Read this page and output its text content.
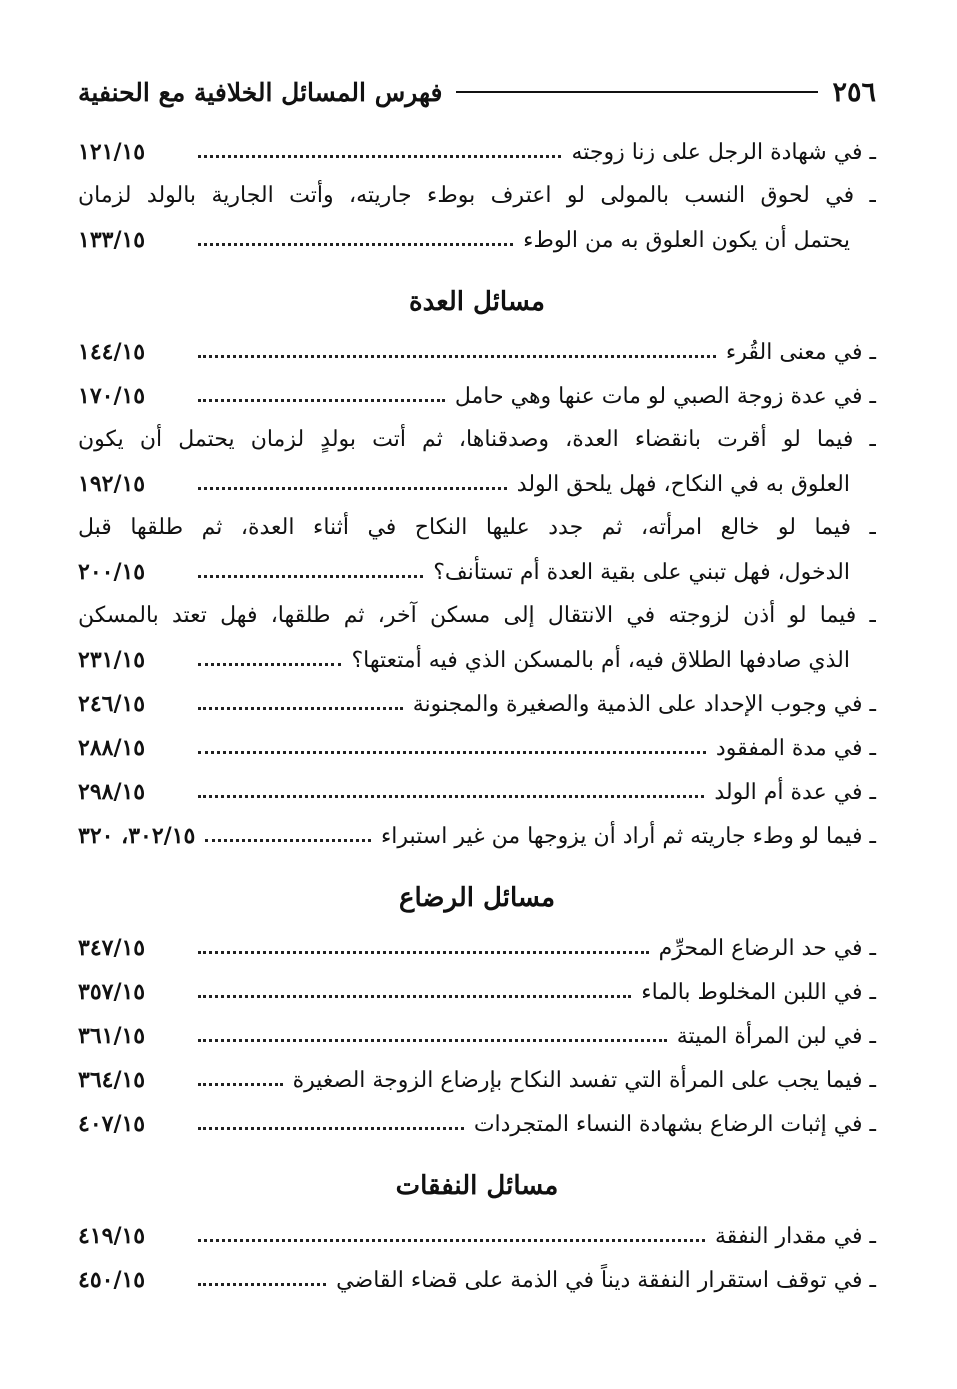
٢٥٦
فهرس المسائل الخلافية مع الحنفية
ـ في شهادة الرجل على زنا زوجته
١٢١/١٥
ـ في لحوق النسب بالمولى لو اعترف بوطء جاريته، وأتت الجارية بالولد لزمان
يحتمل أن يكون العلوق به من الوطء
١٣٣/١٥
مسائل العدة
ـ في معنى القُرء
١٤٤/١٥
ـ في عدة زوجة الصبي لو مات عنها وهي حامل
١٧٠/١٥
ـ فيما لو أقرت بانقضاء العدة، وصدقناها، ثم أتت بولدٍ لزمان يحتمل أن يكون
العلوق به في النكاح، فهل يلحق الولد
١٩٢/١٥
ـ فيما لو خالع امرأته، ثم جدد عليها النكاح في أثناء العدة، ثم طلقها قبل
الدخول، فهل تبني على بقية العدة أم تستأنف؟
٢٠٠/١٥
ـ فيما لو أذن لزوجته في الانتقال إلى مسكن آخر، ثم طلقها، فهل تعتد بالمسكن
الذي صادفها الطلاق فيه، أم بالمسكن الذي فيه أمتعتها؟
٢٣١/١٥
ـ في وجوب الإحداد على الذمية والصغيرة والمجنونة
٢٤٦/١٥
ـ في مدة المفقود
٢٨٨/١٥
ـ في عدة أم الولد
٢٩٨/١٥
ـ فيما لو وطء جاريته ثم أراد أن يزوجها من غير استبراء
٣٠٢/١٥، ٣٢٠
مسائل الرضاع
ـ في حد الرضاع المحرِّم
٣٤٧/١٥
ـ في اللبن المخلوط بالماء
٣٥٧/١٥
ـ في لبن المرأة الميتة
٣٦١/١٥
ـ فيما يجب على المرأة التي تفسد النكاح بإرضاع الزوجة الصغيرة
٣٦٤/١٥
ـ في إثبات الرضاع بشهادة النساء المتجردات
٤٠٧/١٥
مسائل النفقات
ـ في مقدار النفقة
٤١٩/١٥
ـ في توقف استقرار النفقة ديناً في الذمة على قضاء القاضي
٤٥٠/١٥
